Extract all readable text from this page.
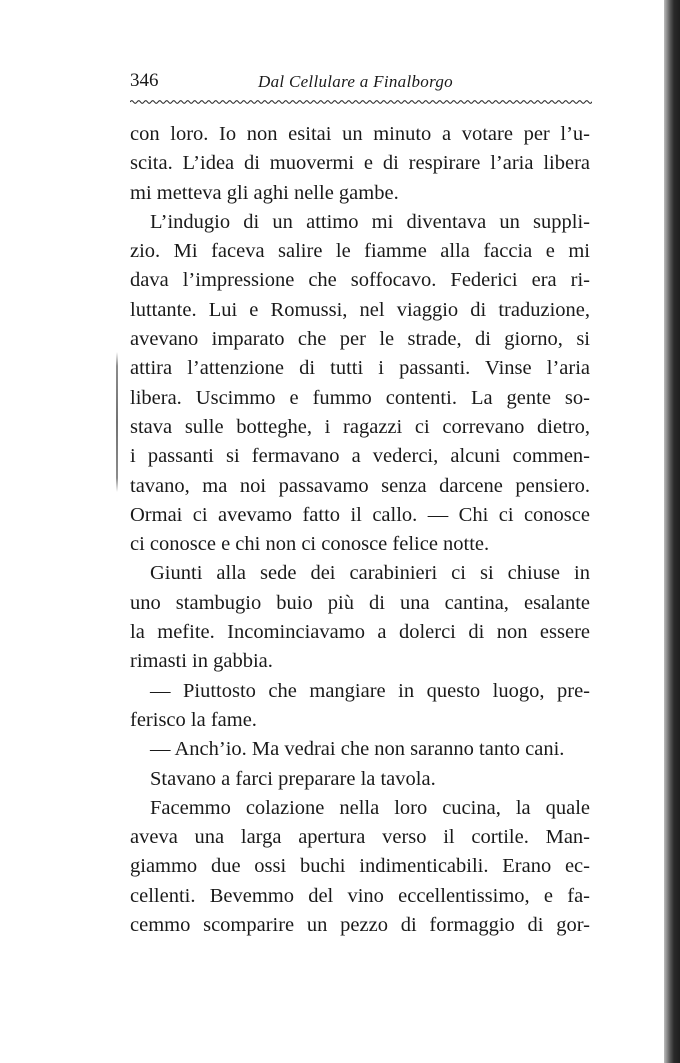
346	Dal Cellulare a Finalborgo
con loro. Io non esitai un minuto a votare per l’u-
scita. L’idea di muovermi e di respirare l’aria libera
mi metteva gli aghi nelle gambe.
L’indugio di un attimo mi diventava un suppli-
zio. Mi faceva salire le fiamme alla faccia e mi
dava l’impressione che soffocavo. Federici era ri-
luttante. Lui e Romussi, nel viaggio di traduzione,
avevano imparato che per le strade, di giorno, si
attira l’attenzione di tutti i passanti. Vinse l’aria
libera. Uscimmo e fummo contenti. La gente so-
stava sulle botteghe, i ragazzi ci correvano dietro,
i passanti si fermavano a vederci, alcuni commen-
tavano, ma noi passavamo senza darcene pensiero.
Ormai ci avevamo fatto il callo. — Chi ci conosce
ci conosce e chi non ci conosce felice notte.
Giunti alla sede dei carabinieri ci si chiuse in
uno stambugio buio più di una cantina, esalante
la mefite. Incominciavamo a dolerci di non essere
rimasti in gabbia.
— Piuttosto che mangiare in questo luogo, pre-
ferisco la fame.
— Anch’io. Ma vedrai che non saranno tanto cani.
Stavano a farci preparare la tavola.
Facemmo colazione nella loro cucina, la quale
aveva una larga apertura verso il cortile. Man-
giammo due ossi buchi indimenticabili. Erano ec-
cellenti. Bevemmo del vino eccellentissimo, e fa-
cemmo scomparire un pezzo di formaggio di gor-
